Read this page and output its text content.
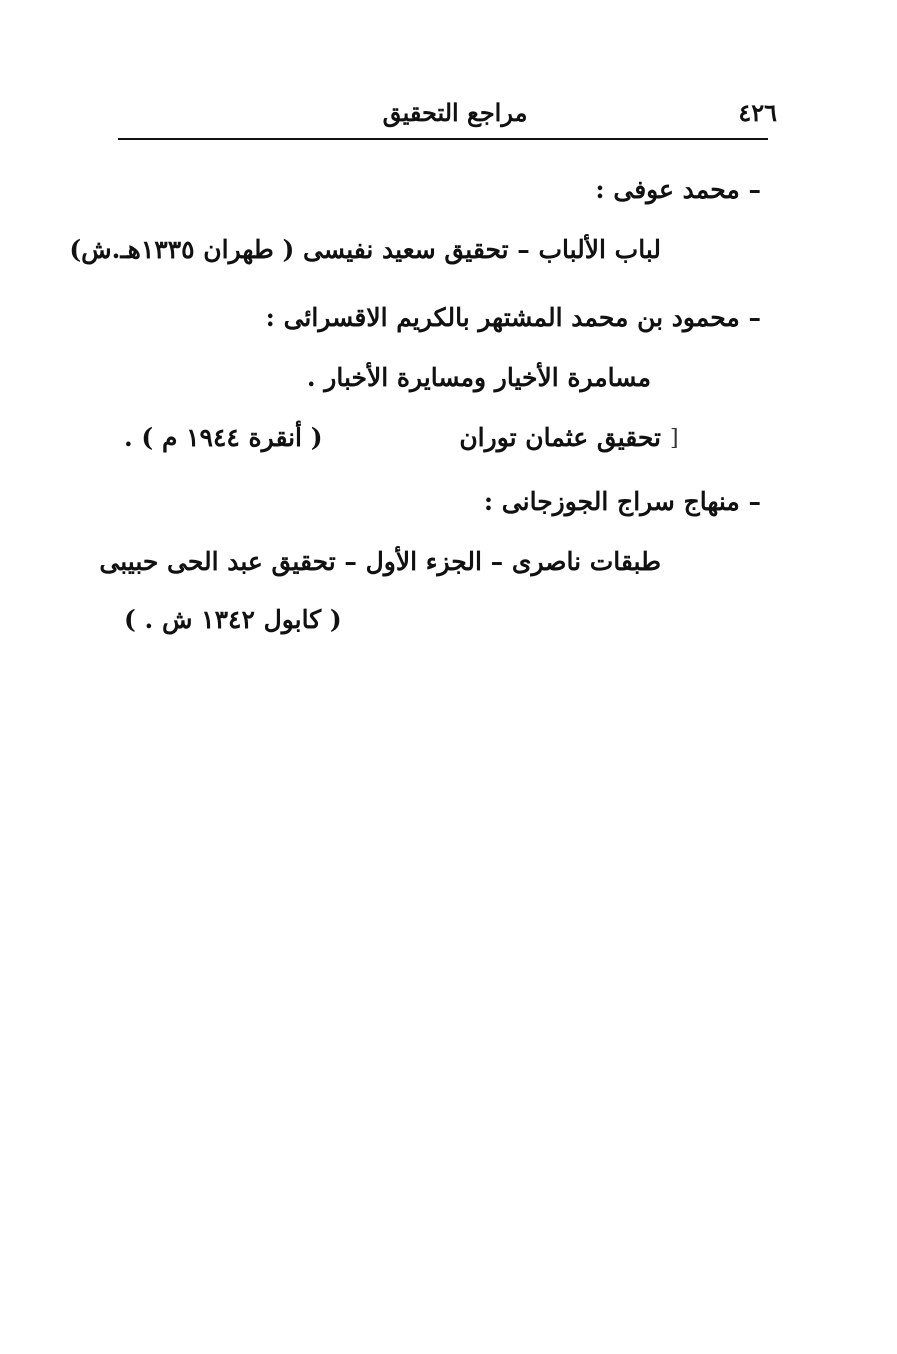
٤٢٦
مراجع التحقيق
– محمد عوفى :
لباب الألباب – تحقيق سعيد نفيسى ( طهران ١٣٣٥هـ.ش)
– محمود بن محمد المشتهر بالكريم الاقسرائى :
مسامرة الأخيار ومسايرة الأخبار .
[
تحقيق عثمان توران
( أنقرة ١٩٤٤ م ) .
– منهاج سراج الجوزجانى :
طبقات ناصرى – الجزء الأول – تحقيق عبد الحى حبيبى
( كابول ١٣٤٢ ش . )
